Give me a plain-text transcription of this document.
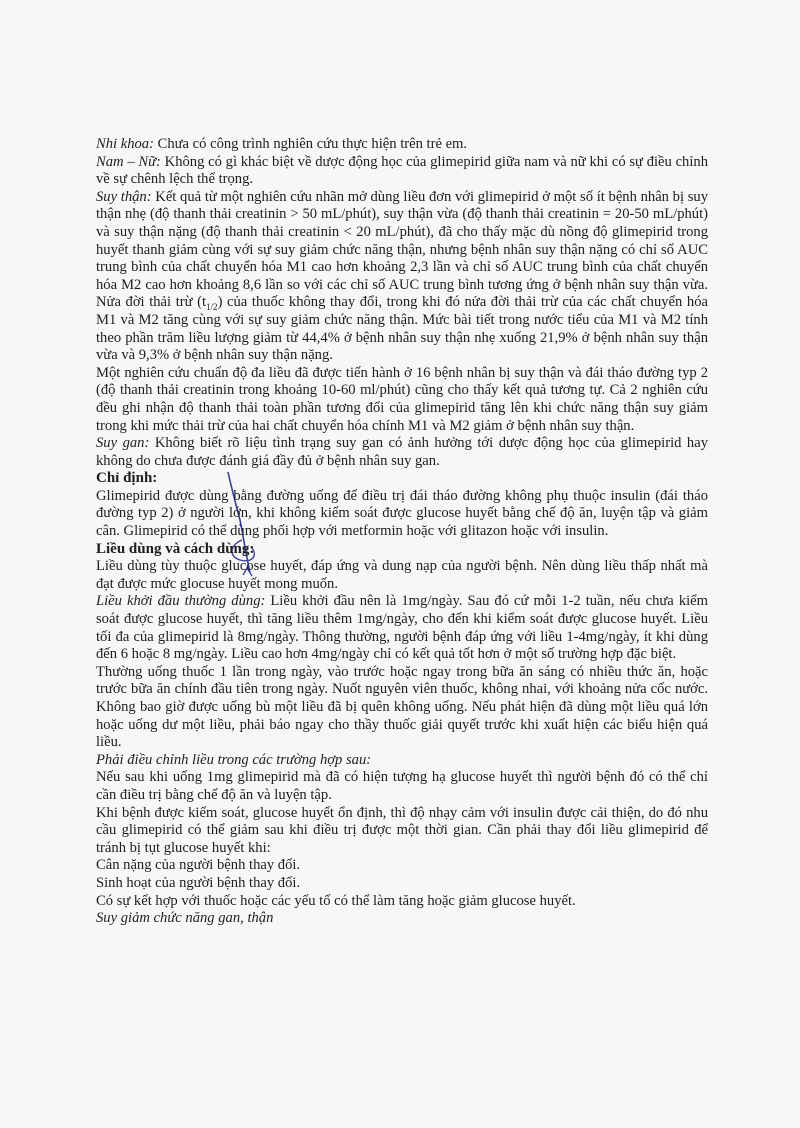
Nhi khoa: Chưa có công trình nghiên cứu thực hiện trên trẻ em.

Nam – Nữ: Không có gì khác biệt về dược động học của glimepirid giữa nam và nữ khi có sự điều chỉnh về sự chênh lệch thể trọng.

Suy thận: Kết quả từ một nghiên cứu nhãn mở dùng liều đơn với glimepirid ở một số ít bệnh nhân bị suy thận nhẹ (độ thanh thải creatinin > 50 mL/phút), suy thận vừa (độ thanh thải creatinin = 20-50 mL/phút) và suy thận nặng (độ thanh thải creatinin < 20 mL/phút), đã cho thấy mặc dù nồng độ glimepirid trong huyết thanh giảm cùng với sự suy giảm chức năng thận, nhưng bệnh nhân suy thận nặng có chỉ số AUC trung bình của chất chuyển hóa M1 cao hơn khoảng 2,3 lần và chỉ số AUC trung bình của chất chuyển hóa M2 cao hơn khoảng 8,6 lần so với các chỉ số AUC trung bình tương ứng ở bệnh nhân suy thận vừa. Nửa đời thải trừ $(t_{1/2})$ của thuốc không thay đổi, trong khi đó nửa đời thải trừ của các chất chuyển hóa M1 và M2 tăng cùng với sự suy giảm chức năng thận. Mức bài tiết trong nước tiểu của M1 và M2 tính theo phần trăm liều lượng giảm từ 44,4% ở bệnh nhân suy thận nhẹ xuống 21,9% ở bệnh nhân suy thận vừa và 9,3% ở bệnh nhân suy thận nặng.

Một nghiên cứu chuẩn độ đa liều đã được tiến hành ở 16 bệnh nhân bị suy thận và đái tháo đường typ 2 (độ thanh thải creatinin trong khoảng 10-60 ml/phút) cũng cho thấy kết quả tương tự. Cả 2 nghiên cứu đều ghi nhận độ thanh thải toàn phần tương đối của glimepirid tăng lên khi chức năng thận suy giảm trong khi mức thải trừ của hai chất chuyển hóa chính M1 và M2 giảm ở bệnh nhân suy thận.

Suy gan: Không biết rõ liệu tình trạng suy gan có ảnh hưởng tới dược động học của glimepirid hay không do chưa được đánh giá đầy đủ ở bệnh nhân suy gan.

Chỉ định:

Glimepirid được dùng bằng đường uống để điều trị đái tháo đường không phụ thuộc insulin (đái tháo đường typ 2) ở người lớn, khi không kiểm soát được glucose huyết bằng chế độ ăn, luyện tập và giảm cân. Glimepirid có thể dùng phối hợp với metformin hoặc với glitazon hoặc với insulin.

Liều dùng và cách dùng:

Liều dùng tùy thuộc glucose huyết, đáp ứng và dung nạp của người bệnh. Nên dùng liều thấp nhất mà đạt được mức glocuse huyết mong muốn.

Liều khởi đầu thường dùng: Liều khởi đầu nên là 1mg/ngày. Sau đó cứ mỗi 1-2 tuần, nếu chưa kiểm soát được glucose huyết, thì tăng liều thêm 1mg/ngày, cho đến khi kiểm soát được glucose huyết. Liều tối đa của glimepirid là 8mg/ngày. Thông thường, người bệnh đáp ứng với liều 1-4mg/ngày, ít khi dùng đến 6 hoặc 8 mg/ngày. Liều cao hơn 4mg/ngày chỉ có kết quả tốt hơn ở một số trường hợp đặc biệt.

Thường uống thuốc 1 lần trong ngày, vào trước hoặc ngay trong bữa ăn sáng có nhiều thức ăn, hoặc trước bữa ăn chính đầu tiên trong ngày. Nuốt nguyên viên thuốc, không nhai, với khoảng nửa cốc nước. Không bao giờ được uống bù một liều đã bị quên không uống. Nếu phát hiện đã dùng một liều quá lớn hoặc uống dư một liều, phải báo ngay cho thầy thuốc giải quyết trước khi xuất hiện các biểu hiện quá liều.

Phải điều chỉnh liều trong các trường hợp sau:

Nếu sau khi uống 1mg glimepirid mà đã có hiện tượng hạ glucose huyết thì người bệnh đó có thể chỉ cần điều trị bằng chế độ ăn và luyện tập.

Khi bệnh được kiểm soát, glucose huyết ổn định, thì độ nhạy cảm với insulin được cải thiện, do đó nhu cầu glimepirid có thể giảm sau khi điều trị được một thời gian. Cần phải thay đổi liều glimepirid để tránh bị tụt glucose huyết khi:

Cân nặng của người bệnh thay đổi.

Sinh hoạt của người bệnh thay đổi.

Có sự kết hợp với thuốc hoặc các yếu tố có thể làm tăng hoặc giảm glucose huyết.

Suy giảm chức năng gan, thận
